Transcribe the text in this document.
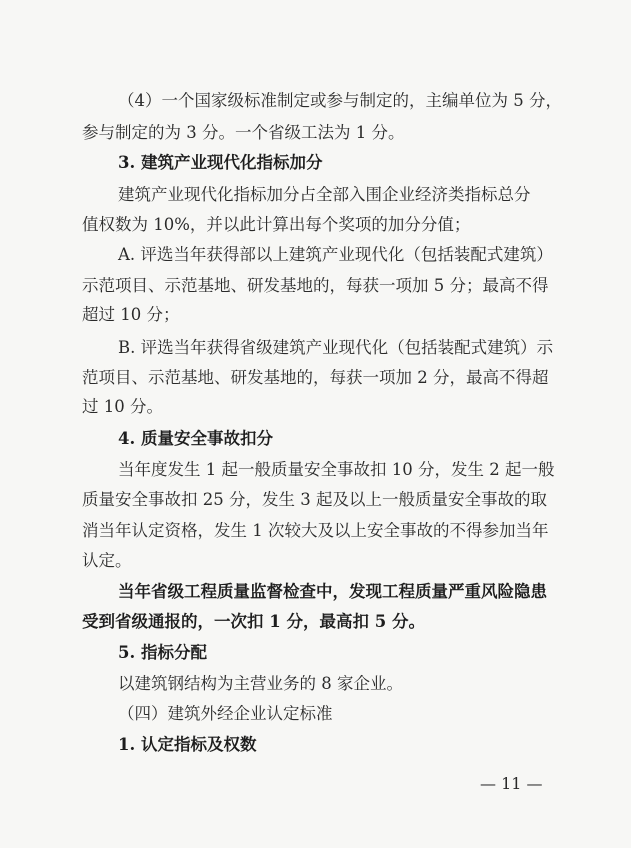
（4）一个国家级标准制定或参与制定的，主编单位为 5 分，
参与制定的为 3 分。一个省级工法为 1 分。
3. 建筑产业现代化指标加分
建筑产业现代化指标加分占全部入围企业经济类指标总分
值权数为 10%，并以此计算出每个奖项的加分分值；
A. 评选当年获得部以上建筑产业现代化（包括装配式建筑）
示范项目、示范基地、研发基地的，每获一项加 5 分；最高不得
超过 10 分；
B. 评选当年获得省级建筑产业现代化（包括装配式建筑）示
范项目、示范基地、研发基地的，每获一项加 2 分，最高不得超
过 10 分。
4. 质量安全事故扣分
当年度发生 1 起一般质量安全事故扣 10 分，发生 2 起一般
质量安全事故扣 25 分，发生 3 起及以上一般质量安全事故的取
消当年认定资格，发生 1 次较大及以上安全事故的不得参加当年
认定。
当年省级工程质量监督检查中，发现工程质量严重风险隐患
受到省级通报的，一次扣 1 分，最高扣 5 分。
5. 指标分配
以建筑钢结构为主营业务的 8 家企业。
（四）建筑外经企业认定标准
1. 认定指标及权数
— 11 —
